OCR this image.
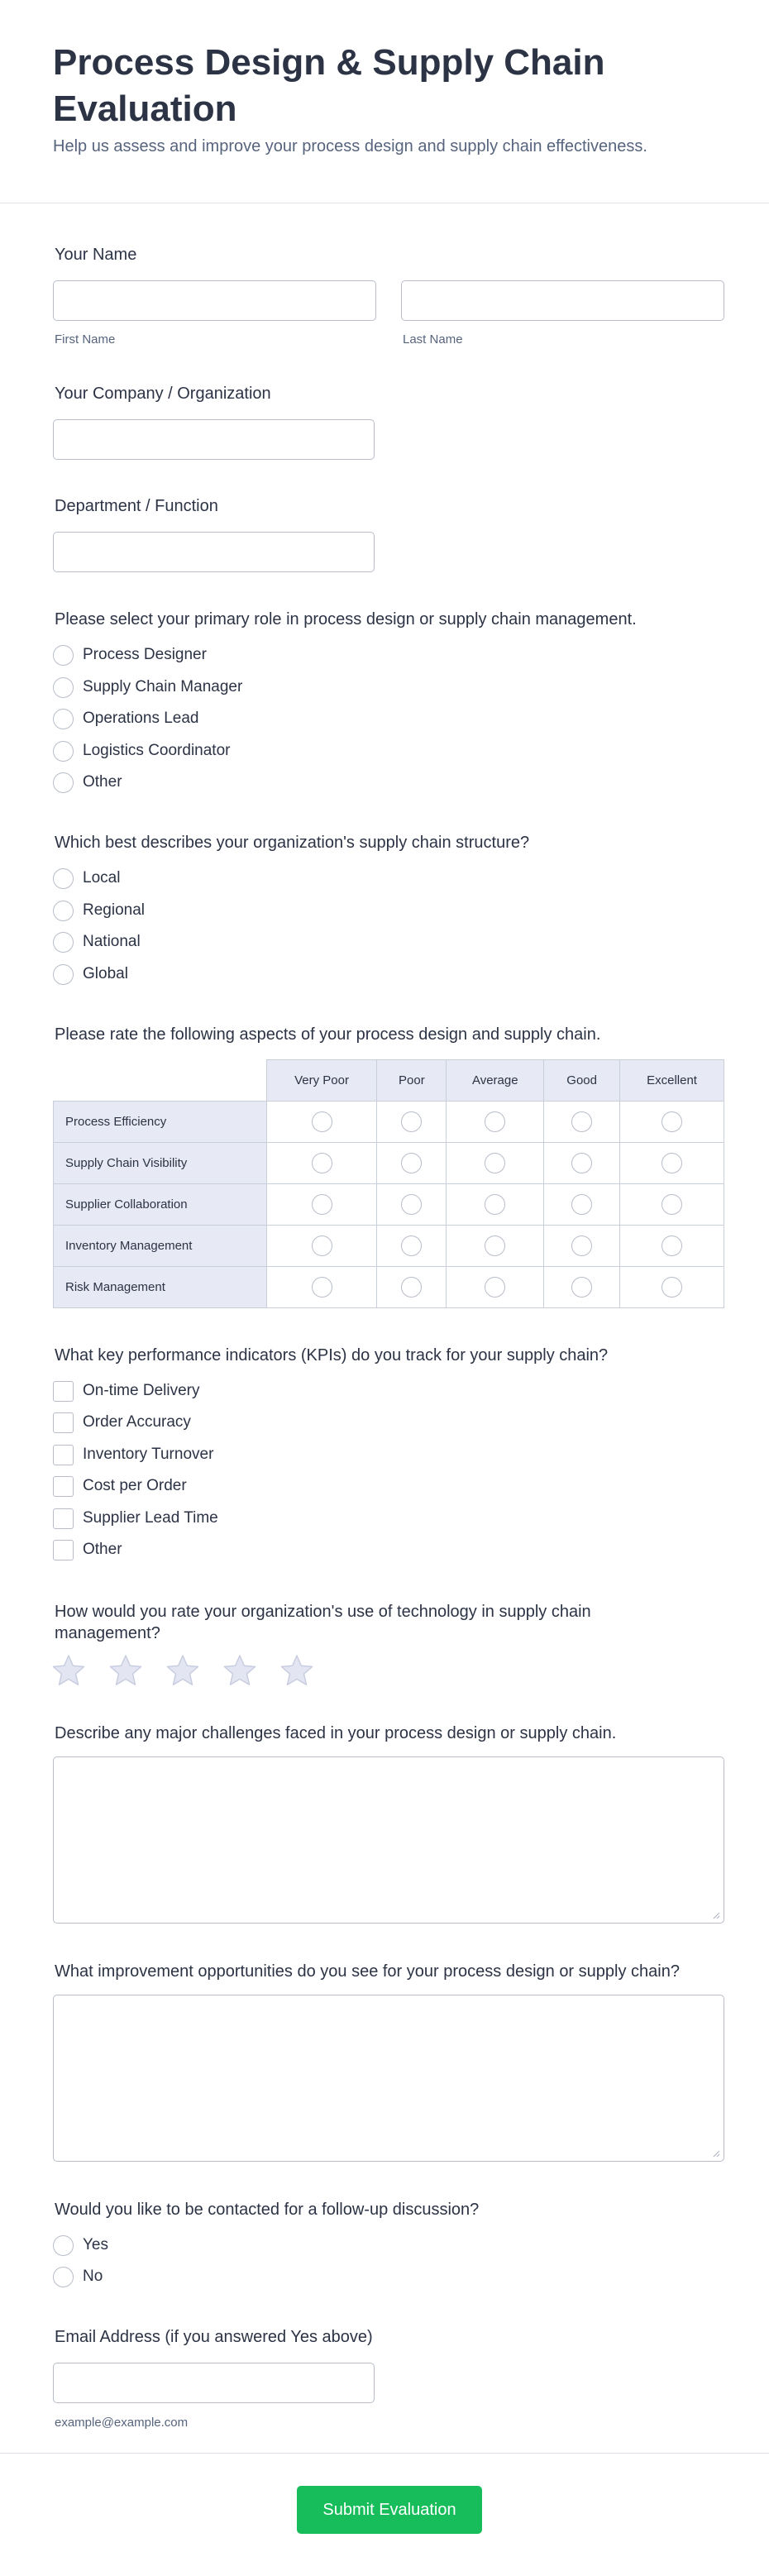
Process Design & Supply Chain Evaluation
Help us assess and improve your process design and supply chain effectiveness.
Your Name
First Name	Last Name
Your Company / Organization
Department / Function
Please select your primary role in process design or supply chain management.
Process Designer
Supply Chain Manager
Operations Lead
Logistics Coordinator
Other
Which best describes your organization's supply chain structure?
Local
Regional
National
Global
Please rate the following aspects of your process design and supply chain.
	Very Poor	Poor	Average	Good	Excellent
Process Efficiency					
Supply Chain Visibility					
Supplier Collaboration					
Inventory Management					
Risk Management					
What key performance indicators (KPIs) do you track for your supply chain?
On-time Delivery
Order Accuracy
Inventory Turnover
Cost per Order
Supplier Lead Time
Other
How would you rate your organization's use of technology in supply chain management?
Describe any major challenges faced in your process design or supply chain.
What improvement opportunities do you see for your process design or supply chain?
Would you like to be contacted for a follow-up discussion?
Yes
No
Email Address (if you answered Yes above)
example@example.com
Submit Evaluation
